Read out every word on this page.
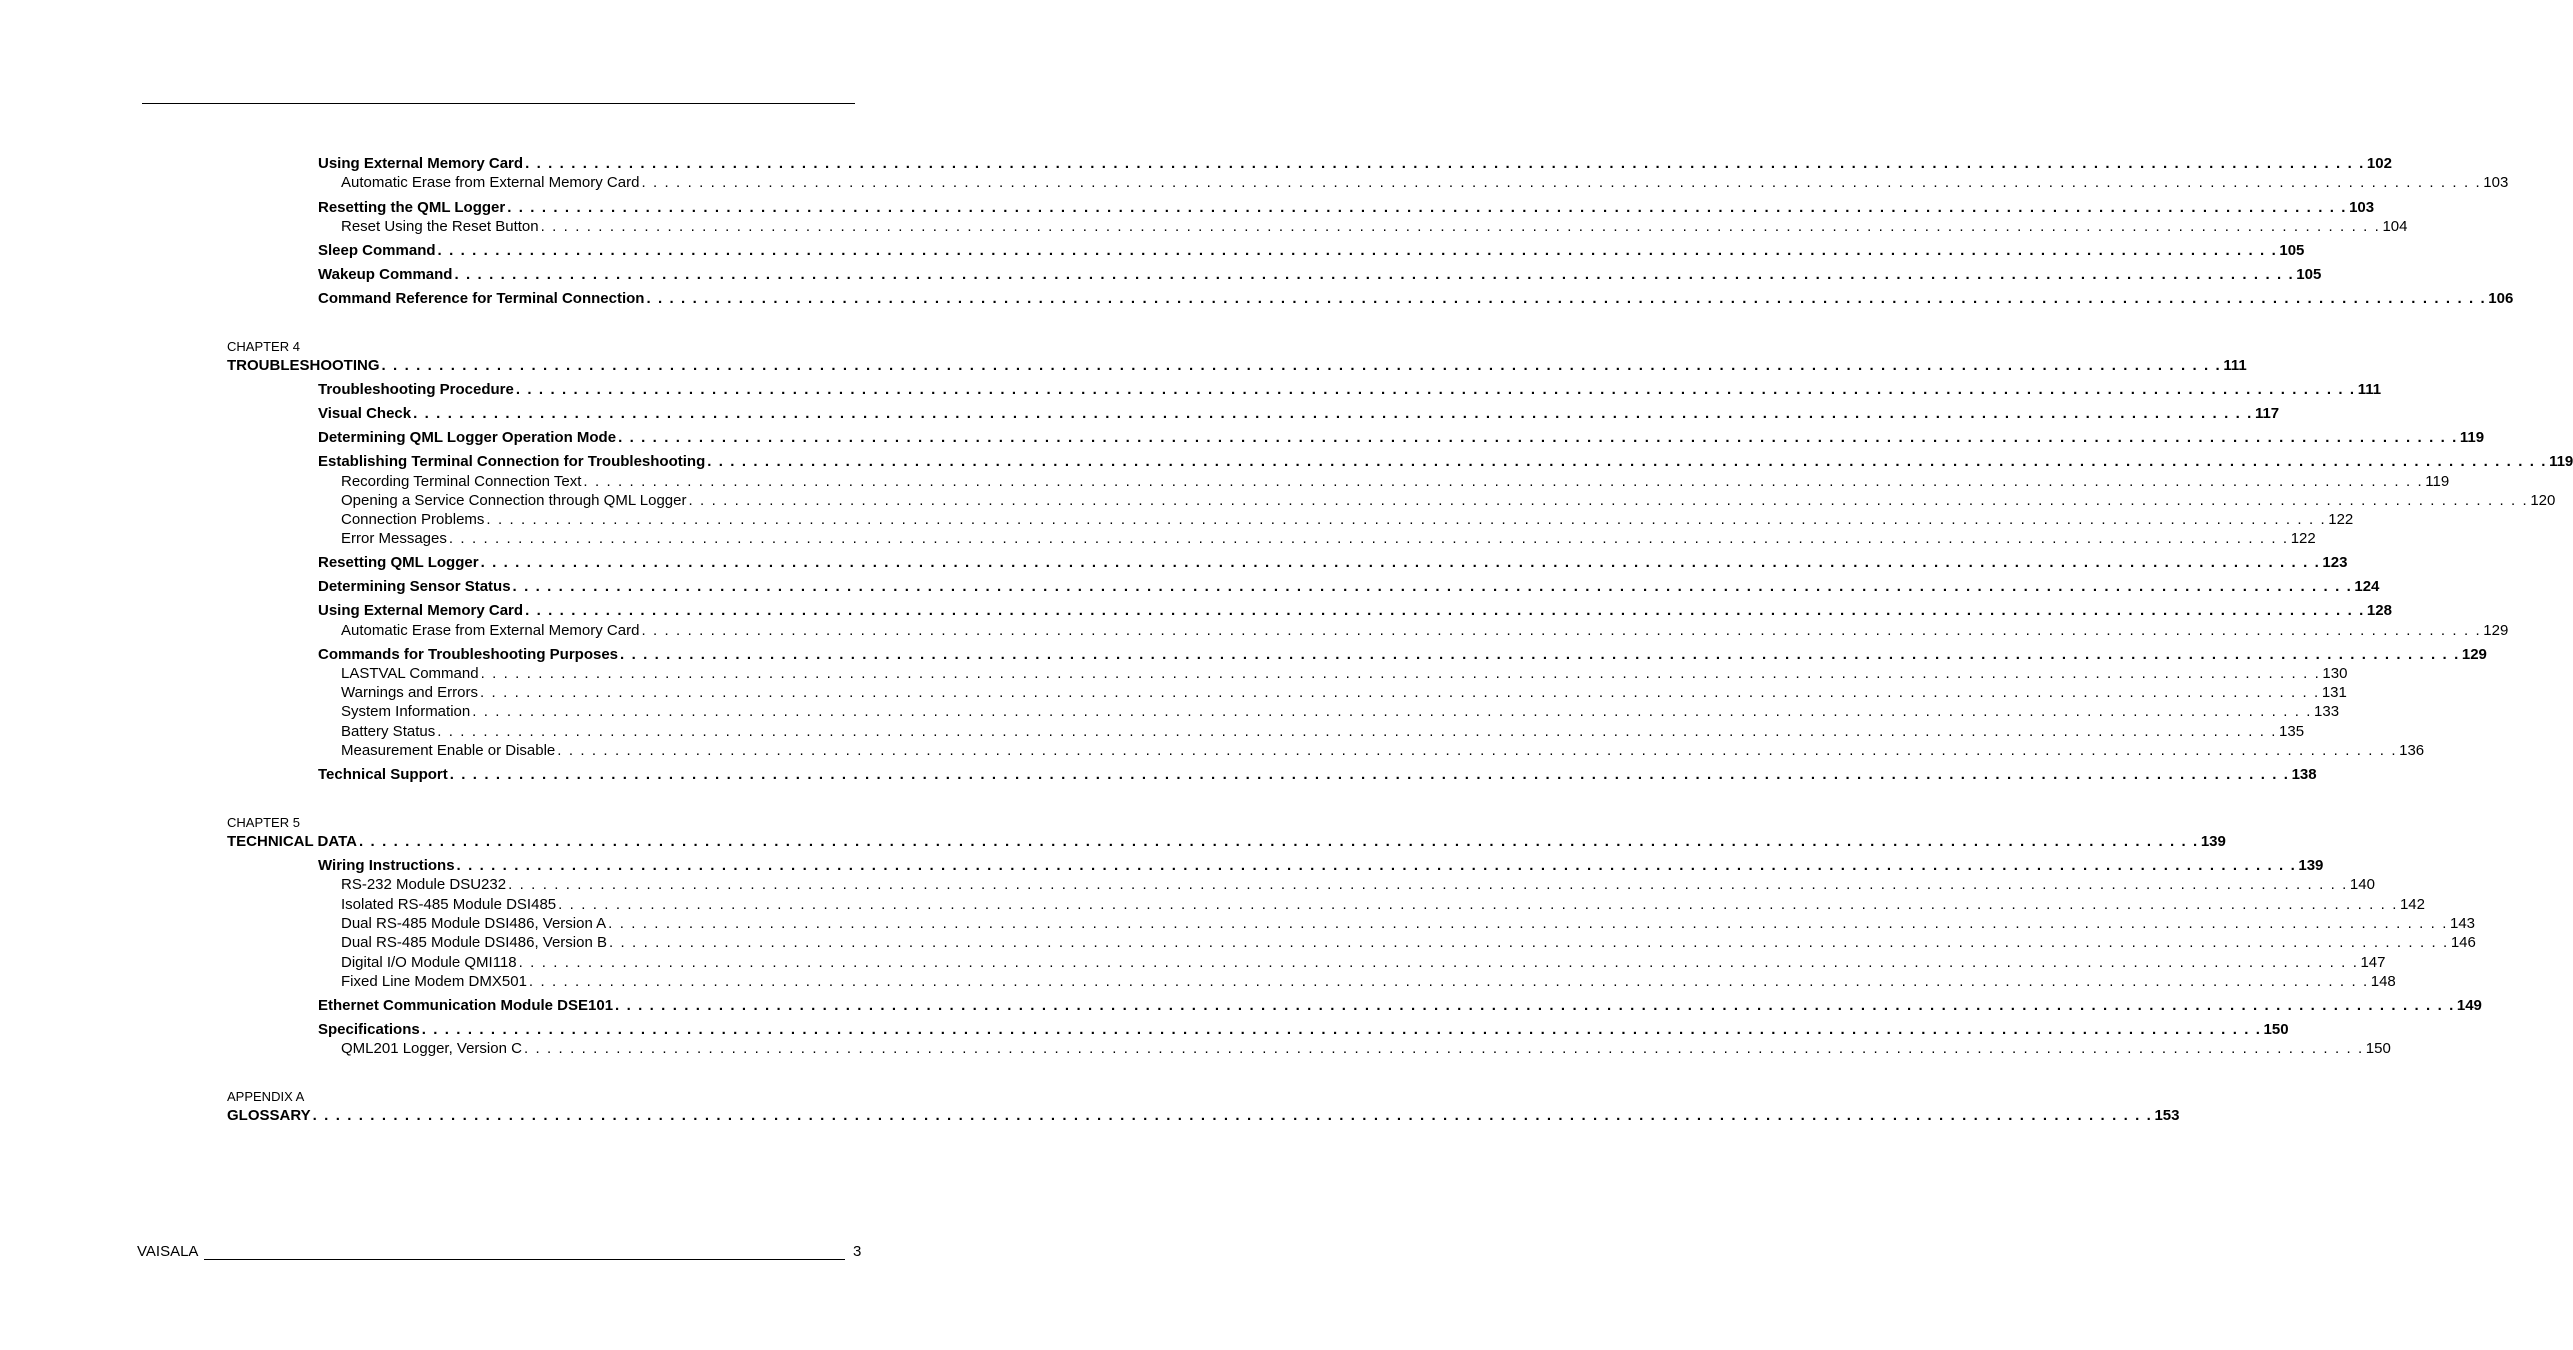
Using External Memory Card . . . . . . . . . . . . . . . . . . . . . . . . . . . . . . . . . . . . . . . . . . . . . . . . . . . . . . . . . . . . . . . . . . . . . . . . . . . . . . . . . . . . . . . . . . . . . . . . . . . . . . . . . . . . . . . . . . . . . . . . . . . . . . . . . . . . . . . . . . . . . . . . . . . . . . . . . . . . . . . . 102
Automatic Erase from External Memory Card . . . . . . . . . . . . . . . . . . . . . . . . . . . . . . . . . . . . . . . . . . . . . . . . . . . . . . . . . . . . . . . . . . . . . . . . . . . . . . . . . . . . . . . . . . . . . . . . . . . . . . . . . . . . . . . . . . . . . . . . . . . . . . . . . . . . . . . . . . . . . . . . . . . . . . . . . . . . . . . . 103
Resetting the QML Logger . . . . . . . . . . . . . . . . . . . . . . . . . . . . . . . . . . . . . . . . . . . . . . . . . . . . . . . . . . . . . . . . . . . . . . . . . . . . . . . . . . . . . . . . . . . . . . . . . . . . . . . . . . . . . . . . . . . . . . . . . . . . . . . . . . . . . . . . . . . . . . . . . . . . . . . . . . . . . . . . 103
Reset Using the Reset Button . . . . . . . . . . . . . . . . . . . . . . . . . . . . . . . . . . . . . . . . . . . . . . . . . . . . . . . . . . . . . . . . . . . . . . . . . . . . . . . . . . . . . . . . . . . . . . . . . . . . . . . . . . . . . . . . . . . . . . . . . . . . . . . . . . . . . . . . . . . . . . . . . . . . . . . . . . . . . . . . 104
Sleep Command . . . . . . . . . . . . . . . . . . . . . . . . . . . . . . . . . . . . . . . . . . . . . . . . . . . . . . . . . . . . . . . . . . . . . . . . . . . . . . . . . . . . . . . . . . . . . . . . . . . . . . . . . . . . . . . . . . . . . . . . . . . . . . . . . . . . . . . . . . . . . . . . . . . . . . . . . . . . . . . . 105
Wakeup Command . . . . . . . . . . . . . . . . . . . . . . . . . . . . . . . . . . . . . . . . . . . . . . . . . . . . . . . . . . . . . . . . . . . . . . . . . . . . . . . . . . . . . . . . . . . . . . . . . . . . . . . . . . . . . . . . . . . . . . . . . . . . . . . . . . . . . . . . . . . . . . . . . . . . . . . . . . . . . . . . 105
Command Reference for Terminal Connection . . . . . . . . . . . . . . . . . . . . . . . . . . . . . . . . . . . . . . . . . . . . . . . . . . . . . . . . . . . . . . . . . . . . . . . . . . . . . . . . . . . . . . . . . . . . . . . . . . . . . . . . . . . . . . . . . . . . . . . . . . . . . . . . . . . . . . . . . . . . . . . . . . . . . . . . . . . . . . . . 106
CHAPTER 4
TROUBLESHOOTING . . . . . . . . . . . . . . . . . . . . . . . . . . . . . . . . . . . . . . . . . . . . . . . . . . . . . . . . . . . . . . . . . . . . . . . . . . . . . . . . . . . . . . . . . . . . . . . . . . . . . . . . . . . . . . . . . . . . . . . . . . . . . . . . . . . . . . . . . . . . . . . . . . . . . . . . . . . . . . . . 111
Troubleshooting Procedure . . . . . . . . . . . . . . . . . . . . . . . . . . . . . . . . . . . . . . . . . . . . . . . . . . . . . . . . . . . . . . . . . . . . . . . . . . . . . . . . . . . . . . . . . . . . . . . . . . . . . . . . . . . . . . . . . . . . . . . . . . . . . . . . . . . . . . . . . . . . . . . . . . . . . . . . . . . . . . . . 111
Visual Check . . . . . . . . . . . . . . . . . . . . . . . . . . . . . . . . . . . . . . . . . . . . . . . . . . . . . . . . . . . . . . . . . . . . . . . . . . . . . . . . . . . . . . . . . . . . . . . . . . . . . . . . . . . . . . . . . . . . . . . . . . . . . . . . . . . . . . . . . . . . . . . . . . . . . . . . . . . . . . . . 117
Determining QML Logger Operation Mode . . . . . . . . . . . . . . . . . . . . . . . . . . . . . . . . . . . . . . . . . . . . . . . . . . . . . . . . . . . . . . . . . . . . . . . . . . . . . . . . . . . . . . . . . . . . . . . . . . . . . . . . . . . . . . . . . . . . . . . . . . . . . . . . . . . . . . . . . . . . . . . . . . . . . . . . . . . . . . . . 119
Establishing Terminal Connection for Troubleshooting . . . . . . . . . . . . . . . . . . . . . . . . . . . . . . . . . . . . . . . . . . . . . . . . . . . . . . . . . . . . . . . . . . . . . . . . . . . . . . . . . . . . . . . . . . . . . . . . . . . . . . . . . . . . . . . . . . . . . . . . . . . . . . . . . . . . . . . . . . . . . . . . . . . . . . . . . . . . . . . . 119
Recording Terminal Connection Text . . . . . . . . . . . . . . . . . . . . . . . . . . . . . . . . . . . . . . . . . . . . . . . . . . . . . . . . . . . . . . . . . . . . . . . . . . . . . . . . . . . . . . . . . . . . . . . . . . . . . . . . . . . . . . . . . . . . . . . . . . . . . . . . . . . . . . . . . . . . . . . . . . . . . . . . . . . . . . . . 119
Opening a Service Connection through QML Logger . . . . . . . . . . . . . . . . . . . . . . . . . . . . . . . . . . . . . . . . . . . . . . . . . . . . . . . . . . . . . . . . . . . . . . . . . . . . . . . . . . . . . . . . . . . . . . . . . . . . . . . . . . . . . . . . . . . . . . . . . . . . . . . . . . . . . . . . . . . . . . . . . . . . . . . . . . . . . . . . 120
Connection Problems . . . . . . . . . . . . . . . . . . . . . . . . . . . . . . . . . . . . . . . . . . . . . . . . . . . . . . . . . . . . . . . . . . . . . . . . . . . . . . . . . . . . . . . . . . . . . . . . . . . . . . . . . . . . . . . . . . . . . . . . . . . . . . . . . . . . . . . . . . . . . . . . . . . . . . . . . . . . . . . . 122
Error Messages . . . . . . . . . . . . . . . . . . . . . . . . . . . . . . . . . . . . . . . . . . . . . . . . . . . . . . . . . . . . . . . . . . . . . . . . . . . . . . . . . . . . . . . . . . . . . . . . . . . . . . . . . . . . . . . . . . . . . . . . . . . . . . . . . . . . . . . . . . . . . . . . . . . . . . . . . . . . . . . . 122
Resetting QML Logger . . . . . . . . . . . . . . . . . . . . . . . . . . . . . . . . . . . . . . . . . . . . . . . . . . . . . . . . . . . . . . . . . . . . . . . . . . . . . . . . . . . . . . . . . . . . . . . . . . . . . . . . . . . . . . . . . . . . . . . . . . . . . . . . . . . . . . . . . . . . . . . . . . . . . . . . . . . . . . . . 123
Determining Sensor Status . . . . . . . . . . . . . . . . . . . . . . . . . . . . . . . . . . . . . . . . . . . . . . . . . . . . . . . . . . . . . . . . . . . . . . . . . . . . . . . . . . . . . . . . . . . . . . . . . . . . . . . . . . . . . . . . . . . . . . . . . . . . . . . . . . . . . . . . . . . . . . . . . . . . . . . . . . . . . . . . 124
Using External Memory Card . . . . . . . . . . . . . . . . . . . . . . . . . . . . . . . . . . . . . . . . . . . . . . . . . . . . . . . . . . . . . . . . . . . . . . . . . . . . . . . . . . . . . . . . . . . . . . . . . . . . . . . . . . . . . . . . . . . . . . . . . . . . . . . . . . . . . . . . . . . . . . . . . . . . . . . . . . . . . . . . 128
Automatic Erase from External Memory Card . . . . . . . . . . . . . . . . . . . . . . . . . . . . . . . . . . . . . . . . . . . . . . . . . . . . . . . . . . . . . . . . . . . . . . . . . . . . . . . . . . . . . . . . . . . . . . . . . . . . . . . . . . . . . . . . . . . . . . . . . . . . . . . . . . . . . . . . . . . . . . . . . . . . . . . . . . . . . . . . 129
Commands for Troubleshooting Purposes . . . . . . . . . . . . . . . . . . . . . . . . . . . . . . . . . . . . . . . . . . . . . . . . . . . . . . . . . . . . . . . . . . . . . . . . . . . . . . . . . . . . . . . . . . . . . . . . . . . . . . . . . . . . . . . . . . . . . . . . . . . . . . . . . . . . . . . . . . . . . . . . . . . . . . . . . . . . . . . . 129
LASTVAL Command . . . . . . . . . . . . . . . . . . . . . . . . . . . . . . . . . . . . . . . . . . . . . . . . . . . . . . . . . . . . . . . . . . . . . . . . . . . . . . . . . . . . . . . . . . . . . . . . . . . . . . . . . . . . . . . . . . . . . . . . . . . . . . . . . . . . . . . . . . . . . . . . . . . . . . . . . . . . . . . . 130
Warnings and Errors . . . . . . . . . . . . . . . . . . . . . . . . . . . . . . . . . . . . . . . . . . . . . . . . . . . . . . . . . . . . . . . . . . . . . . . . . . . . . . . . . . . . . . . . . . . . . . . . . . . . . . . . . . . . . . . . . . . . . . . . . . . . . . . . . . . . . . . . . . . . . . . . . . . . . . . . . . . . . . . . 131
System Information . . . . . . . . . . . . . . . . . . . . . . . . . . . . . . . . . . . . . . . . . . . . . . . . . . . . . . . . . . . . . . . . . . . . . . . . . . . . . . . . . . . . . . . . . . . . . . . . . . . . . . . . . . . . . . . . . . . . . . . . . . . . . . . . . . . . . . . . . . . . . . . . . . . . . . . . . . . . . . . . 133
Battery Status . . . . . . . . . . . . . . . . . . . . . . . . . . . . . . . . . . . . . . . . . . . . . . . . . . . . . . . . . . . . . . . . . . . . . . . . . . . . . . . . . . . . . . . . . . . . . . . . . . . . . . . . . . . . . . . . . . . . . . . . . . . . . . . . . . . . . . . . . . . . . . . . . . . . . . . . . . . . . . . . 135
Measurement Enable or Disable . . . . . . . . . . . . . . . . . . . . . . . . . . . . . . . . . . . . . . . . . . . . . . . . . . . . . . . . . . . . . . . . . . . . . . . . . . . . . . . . . . . . . . . . . . . . . . . . . . . . . . . . . . . . . . . . . . . . . . . . . . . . . . . . . . . . . . . . . . . . . . . . . . . . . . . . . . . . . . . . 136
Technical Support . . . . . . . . . . . . . . . . . . . . . . . . . . . . . . . . . . . . . . . . . . . . . . . . . . . . . . . . . . . . . . . . . . . . . . . . . . . . . . . . . . . . . . . . . . . . . . . . . . . . . . . . . . . . . . . . . . . . . . . . . . . . . . . . . . . . . . . . . . . . . . . . . . . . . . . . . . . . . . . . 138
CHAPTER 5
TECHNICAL DATA . . . . . . . . . . . . . . . . . . . . . . . . . . . . . . . . . . . . . . . . . . . . . . . . . . . . . . . . . . . . . . . . . . . . . . . . . . . . . . . . . . . . . . . . . . . . . . . . . . . . . . . . . . . . . . . . . . . . . . . . . . . . . . . . . . . . . . . . . . . . . . . . . . . . . . . . . . . . . . . . 139
Wiring Instructions . . . . . . . . . . . . . . . . . . . . . . . . . . . . . . . . . . . . . . . . . . . . . . . . . . . . . . . . . . . . . . . . . . . . . . . . . . . . . . . . . . . . . . . . . . . . . . . . . . . . . . . . . . . . . . . . . . . . . . . . . . . . . . . . . . . . . . . . . . . . . . . . . . . . . . . . . . . . . . . . 139
RS-232 Module DSU232 . . . . . . . . . . . . . . . . . . . . . . . . . . . . . . . . . . . . . . . . . . . . . . . . . . . . . . . . . . . . . . . . . . . . . . . . . . . . . . . . . . . . . . . . . . . . . . . . . . . . . . . . . . . . . . . . . . . . . . . . . . . . . . . . . . . . . . . . . . . . . . . . . . . . . . . . . . . . . . . . 140
Isolated RS-485 Module DSI485 . . . . . . . . . . . . . . . . . . . . . . . . . . . . . . . . . . . . . . . . . . . . . . . . . . . . . . . . . . . . . . . . . . . . . . . . . . . . . . . . . . . . . . . . . . . . . . . . . . . . . . . . . . . . . . . . . . . . . . . . . . . . . . . . . . . . . . . . . . . . . . . . . . . . . . . . . . . . . . . . 142
Dual RS-485 Module DSI486, Version A . . . . . . . . . . . . . . . . . . . . . . . . . . . . . . . . . . . . . . . . . . . . . . . . . . . . . . . . . . . . . . . . . . . . . . . . . . . . . . . . . . . . . . . . . . . . . . . . . . . . . . . . . . . . . . . . . . . . . . . . . . . . . . . . . . . . . . . . . . . . . . . . . . . . . . . . . . . . . . . . 143
Dual RS-485 Module DSI486, Version B . . . . . . . . . . . . . . . . . . . . . . . . . . . . . . . . . . . . . . . . . . . . . . . . . . . . . . . . . . . . . . . . . . . . . . . . . . . . . . . . . . . . . . . . . . . . . . . . . . . . . . . . . . . . . . . . . . . . . . . . . . . . . . . . . . . . . . . . . . . . . . . . . . . . . . . . . . . . . . . . 146
Digital I/O Module QMI118 . . . . . . . . . . . . . . . . . . . . . . . . . . . . . . . . . . . . . . . . . . . . . . . . . . . . . . . . . . . . . . . . . . . . . . . . . . . . . . . . . . . . . . . . . . . . . . . . . . . . . . . . . . . . . . . . . . . . . . . . . . . . . . . . . . . . . . . . . . . . . . . . . . . . . . . . . . . . . . . . 147
Fixed Line Modem DMX501 . . . . . . . . . . . . . . . . . . . . . . . . . . . . . . . . . . . . . . . . . . . . . . . . . . . . . . . . . . . . . . . . . . . . . . . . . . . . . . . . . . . . . . . . . . . . . . . . . . . . . . . . . . . . . . . . . . . . . . . . . . . . . . . . . . . . . . . . . . . . . . . . . . . . . . . . . . . . . . . . 148
Ethernet Communication Module DSE101 . . . . . . . . . . . . . . . . . . . . . . . . . . . . . . . . . . . . . . . . . . . . . . . . . . . . . . . . . . . . . . . . . . . . . . . . . . . . . . . . . . . . . . . . . . . . . . . . . . . . . . . . . . . . . . . . . . . . . . . . . . . . . . . . . . . . . . . . . . . . . . . . . . . . . . . . . . . . . . . . 149
Specifications . . . . . . . . . . . . . . . . . . . . . . . . . . . . . . . . . . . . . . . . . . . . . . . . . . . . . . . . . . . . . . . . . . . . . . . . . . . . . . . . . . . . . . . . . . . . . . . . . . . . . . . . . . . . . . . . . . . . . . . . . . . . . . . . . . . . . . . . . . . . . . . . . . . . . . . . . . . . . . . . 150
QML201 Logger, Version C . . . . . . . . . . . . . . . . . . . . . . . . . . . . . . . . . . . . . . . . . . . . . . . . . . . . . . . . . . . . . . . . . . . . . . . . . . . . . . . . . . . . . . . . . . . . . . . . . . . . . . . . . . . . . . . . . . . . . . . . . . . . . . . . . . . . . . . . . . . . . . . . . . . . . . . . . . . . . . . . 150
APPENDIX A
GLOSSARY . . . . . . . . . . . . . . . . . . . . . . . . . . . . . . . . . . . . . . . . . . . . . . . . . . . . . . . . . . . . . . . . . . . . . . . . . . . . . . . . . . . . . . . . . . . . . . . . . . . . . . . . . . . . . . . . . . . . . . . . . . . . . . . . . . . . . . . . . . . . . . . . . . . . . . . . . . . . . . . . 153
VAISALA	3
